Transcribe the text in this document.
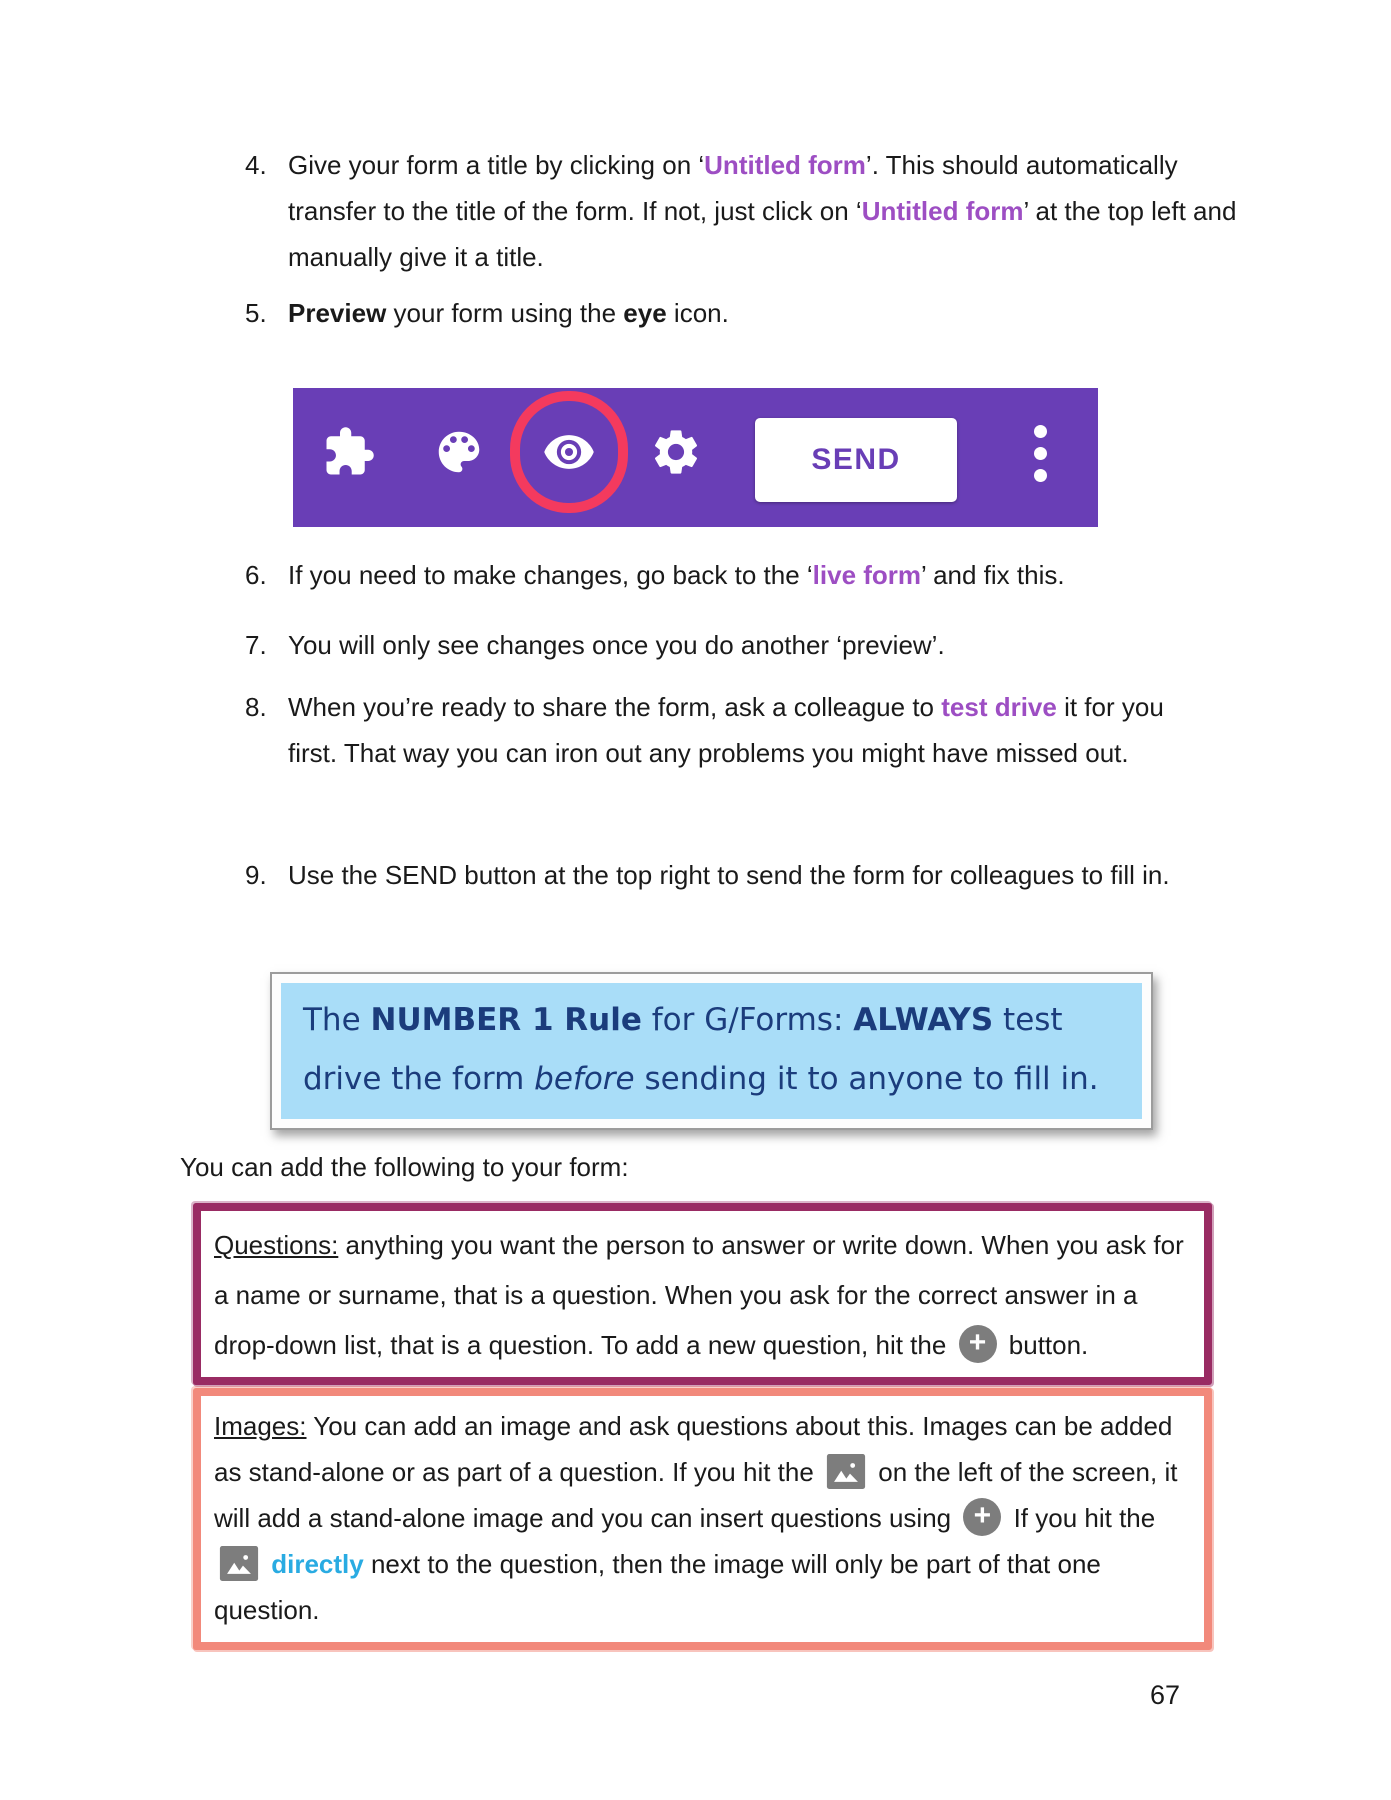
4. Give your form a title by clicking on ‘Untitled form’. This should automatically transfer to the title of the form. If not, just click on ‘Untitled form’ at the top left and manually give it a title.
5. Preview your form using the eye icon.
SEND
6. If you need to make changes, go back to the ‘live form’ and fix this.
7. You will only see changes once you do another ‘preview’.
8. When you’re ready to share the form, ask a colleague to test drive it for you first. That way you can iron out any problems you might have missed out.
9. Use the SEND button at the top right to send the form for colleagues to fill in.
The NUMBER 1 Rule for G/Forms: ALWAYS test drive the form before sending it to anyone to fill in.
You can add the following to your form:
Questions: anything you want the person to answer or write down. When you ask for a name or surname, that is a question. When you ask for the correct answer in a drop-down list, that is a question. To add a new question, hit the + button.
Images: You can add an image and ask questions about this. Images can be added as stand-alone or as part of a question. If you hit the
on the left of the screen, it will add a stand-alone image and you can insert questions using + If you hit the
directly next to the question, then the image will only be part of that one question.
67
